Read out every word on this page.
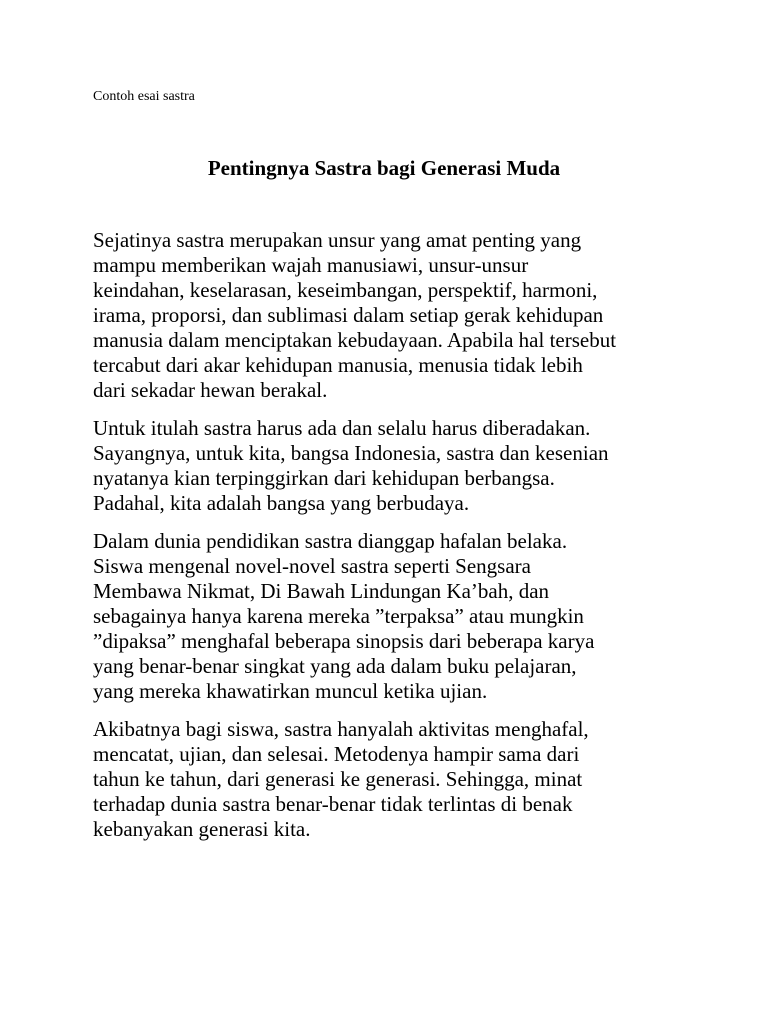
Contoh esai sastra

Pentingnya Sastra bagi Generasi Muda

Sejatinya sastra merupakan unsur yang amat penting yang
mampu memberikan wajah manusiawi, unsur-unsur
keindahan, keselarasan, keseimbangan, perspektif, harmoni,
irama, proporsi, dan sublimasi dalam setiap gerak kehidupan
manusia dalam menciptakan kebudayaan. Apabila hal tersebut
tercabut dari akar kehidupan manusia, menusia tidak lebih
dari sekadar hewan berakal.

Untuk itulah sastra harus ada dan selalu harus diberadakan.
Sayangnya, untuk kita, bangsa Indonesia, sastra dan kesenian
nyatanya kian terpinggirkan dari kehidupan berbangsa.
Padahal, kita adalah bangsa yang berbudaya.

Dalam dunia pendidikan sastra dianggap hafalan belaka.
Siswa mengenal novel-novel sastra seperti Sengsara
Membawa Nikmat, Di Bawah Lindungan Ka’bah, dan
sebagainya hanya karena mereka ”terpaksa” atau mungkin
”dipaksa” menghafal beberapa sinopsis dari beberapa karya
yang benar-benar singkat yang ada dalam buku pelajaran,
yang mereka khawatirkan muncul ketika ujian.

Akibatnya bagi siswa, sastra hanyalah aktivitas menghafal,
mencatat, ujian, dan selesai. Metodenya hampir sama dari
tahun ke tahun, dari generasi ke generasi. Sehingga, minat
terhadap dunia sastra benar-benar tidak terlintas di benak
kebanyakan generasi kita.
